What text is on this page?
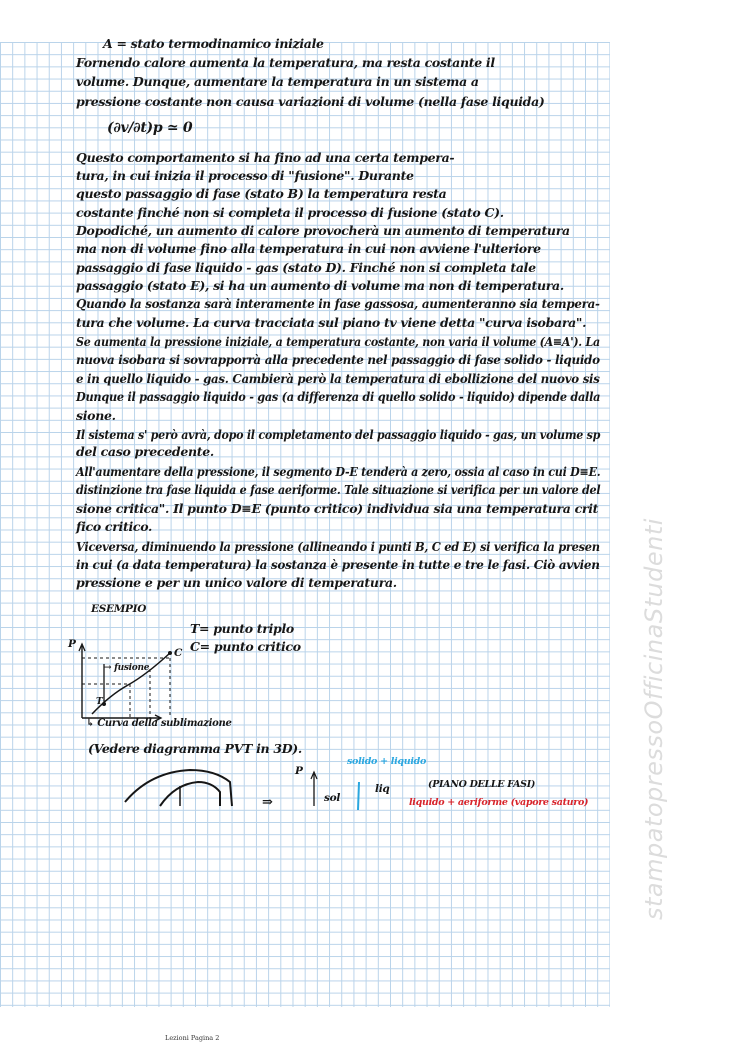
A = stato termodinamico iniziale
Fornendo calore aumenta la temperatura, ma resta costante il
volume. Dunque, aumentare la temperatura in un sistema a
pressione costante non causa variazioni di volume (nella fase liquida)
(∂v/∂t)p ≃ 0
Questo comportamento si ha fino ad una certa tempera-
tura, in cui inizia il processo di "fusione". Durante
questo passaggio di fase (stato B) la temperatura resta
costante finché non si completa il processo di fusione (stato C).
Dopodiché, un aumento di calore provocherà un aumento di temperatura
ma non di volume fino alla temperatura in cui non avviene l'ulteriore
passaggio di fase liquido - gas (stato D). Finché non si completa tale
passaggio (stato E), si ha un aumento di volume ma non di temperatura.
Quando la sostanza sarà interamente in fase gassosa, aumenteranno sia tempera-
tura che volume. La curva tracciata sul piano tv viene detta "curva isobara".
Se aumenta la pressione iniziale, a temperatura costante, non varia il volume (A≡A'). La
nuova isobara si sovrapporrà alla precedente nel passaggio di fase solido - liquido
e in quello liquido - gas. Cambierà però la temperatura di ebollizione del nuovo sis
Dunque il passaggio liquido - gas (a differenza di quello solido - liquido) dipende dalla
sione.
Il sistema s' però avrà, dopo il completamento del passaggio liquido - gas, un volume sp
del caso precedente.
All'aumentare della pressione, il segmento D-E tenderà a zero, ossia al caso in cui D≡E.
distinzione tra fase liquida e fase aeriforme. Tale situazione si verifica per un valore del
sione critica". Il punto D≡E (punto critico) individua sia una temperatura crit
fico critico.
Viceversa, diminuendo la pressione (allineando i punti B, C ed E) si verifica la presen
in cui (a data temperatura) la sostanza è presente in tutte e tre le fasi. Ciò avvien
pressione e per un unico valore di temperatura.
ESEMPIO
T= punto triplo
C= punto critico
P
C
→ fusione
T
↳ Curva della sublimazione
(Vedere diagramma PVT in 3D).
⇒
P
sol
liq
solido + liquido
(PIANO DELLE FASI)
liquido + aeriforme (vapore saturo) stampatopressoOfficinaStudenti
Lezioni Pagina 2
